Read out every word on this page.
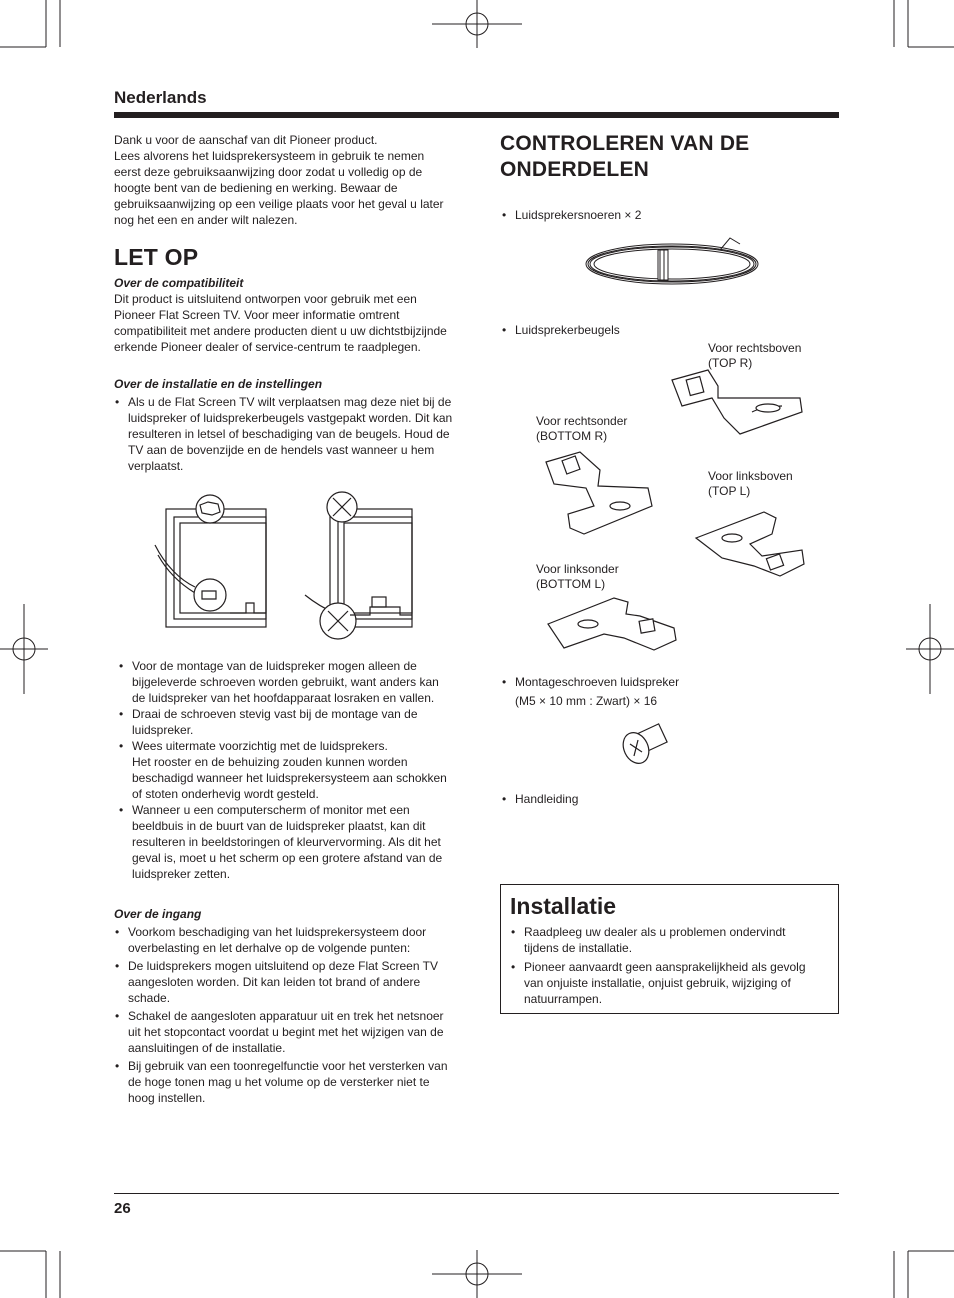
Nederlands
Dank u voor de aanschaf van dit Pioneer product.
Lees alvorens het luidsprekersysteem in gebruik te nemen eerst deze gebruiksaanwijzing door zodat u volledig op de hoogte bent van de bediening en werking. Bewaar de gebruiksaanwijzing op een veilige plaats voor het geval u later nog het een en ander wilt nalezen.
LET OP
Over de compatibiliteit
Dit product is uitsluitend ontworpen voor gebruik met een Pioneer Flat Screen TV. Voor meer informatie omtrent compatibiliteit met andere producten dient u uw dichtstbijzijnde erkende Pioneer dealer of service-centrum te raadplegen.
Over de installatie en de instellingen
• Als u de Flat Screen TV wilt verplaatsen mag deze niet bij de luidspreker of luidsprekerbeugels vastgepakt worden. Dit kan resulteren in letsel of beschadiging van de beugels. Houd de TV aan de bovenzijde en de hendels vast wanneer u hem verplaatst.
• Voor de montage van de luidspreker mogen alleen de bijgeleverde schroeven worden gebruikt, want anders kan de luidspreker van het hoofdapparaat losraken en vallen.
• Draai de schroeven stevig vast bij de montage van de luidspreker.
• Wees uitermate voorzichtig met de luidsprekers.
Het rooster en de behuizing zouden kunnen worden beschadigd wanneer het luidsprekersysteem aan schokken of stoten onderhevig wordt gesteld.
• Wanneer u een computerscherm of monitor met een beeldbuis in de buurt van de luidspreker plaatst, kan dit resulteren in beeldstoringen of kleurvervorming. Als dit het geval is, moet u het scherm op een grotere afstand van de luidspreker zetten.
Over de ingang
• Voorkom beschadiging van het luidsprekersysteem door overbelasting en let derhalve op de volgende punten:
• De luidsprekers mogen uitsluitend op deze Flat Screen TV aangesloten worden. Dit kan leiden tot brand of andere schade.
• Schakel de aangesloten apparatuur uit en trek het netsnoer uit het stopcontact voordat u begint met het wijzigen van de aansluitingen of de installatie.
• Bij gebruik van een toonregelfunctie voor het versterken van de hoge tonen mag u het volume op de versterker niet te hoog instellen.
CONTROLEREN VAN DE
ONDERDELEN
• Luidsprekersnoeren × 2
• Luidsprekerbeugels
Voor rechtsboven
(TOP R)
Voor rechtsonder
(BOTTOM R)
Voor linksboven
(TOP L)
Voor linksonder
(BOTTOM L)
• Montageschroeven luidspreker
(M5 × 10 mm : Zwart) × 16
• Handleiding
Installatie
• Raadpleeg uw dealer als u problemen ondervindt tijdens de installatie.
• Pioneer aanvaardt geen aansprakelijkheid als gevolg van onjuiste installatie, onjuist gebruik, wijziging of natuurrampen.
26
